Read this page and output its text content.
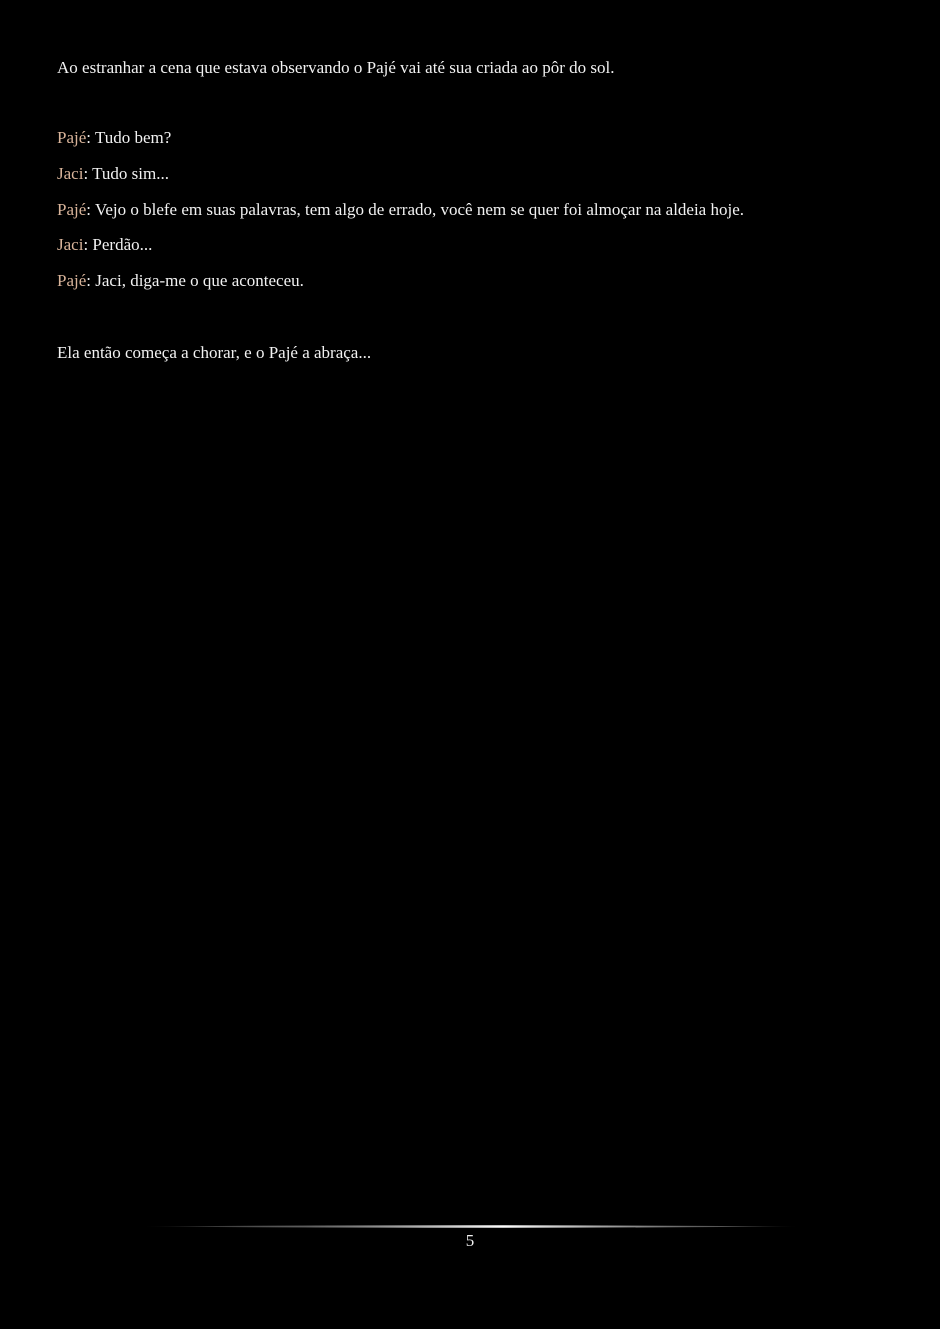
Ao estranhar a cena que estava observando o Pajé vai até sua criada ao pôr do sol.

Pajé: Tudo bem?

Jaci: Tudo sim...

Pajé: Vejo o blefe em suas palavras, tem algo de errado, você nem se quer foi almoçar na aldeia hoje.

Jaci: Perdão...

Pajé: Jaci, diga-me o que aconteceu.

Ela então começa a chorar, e o Pajé a abraça...

5
